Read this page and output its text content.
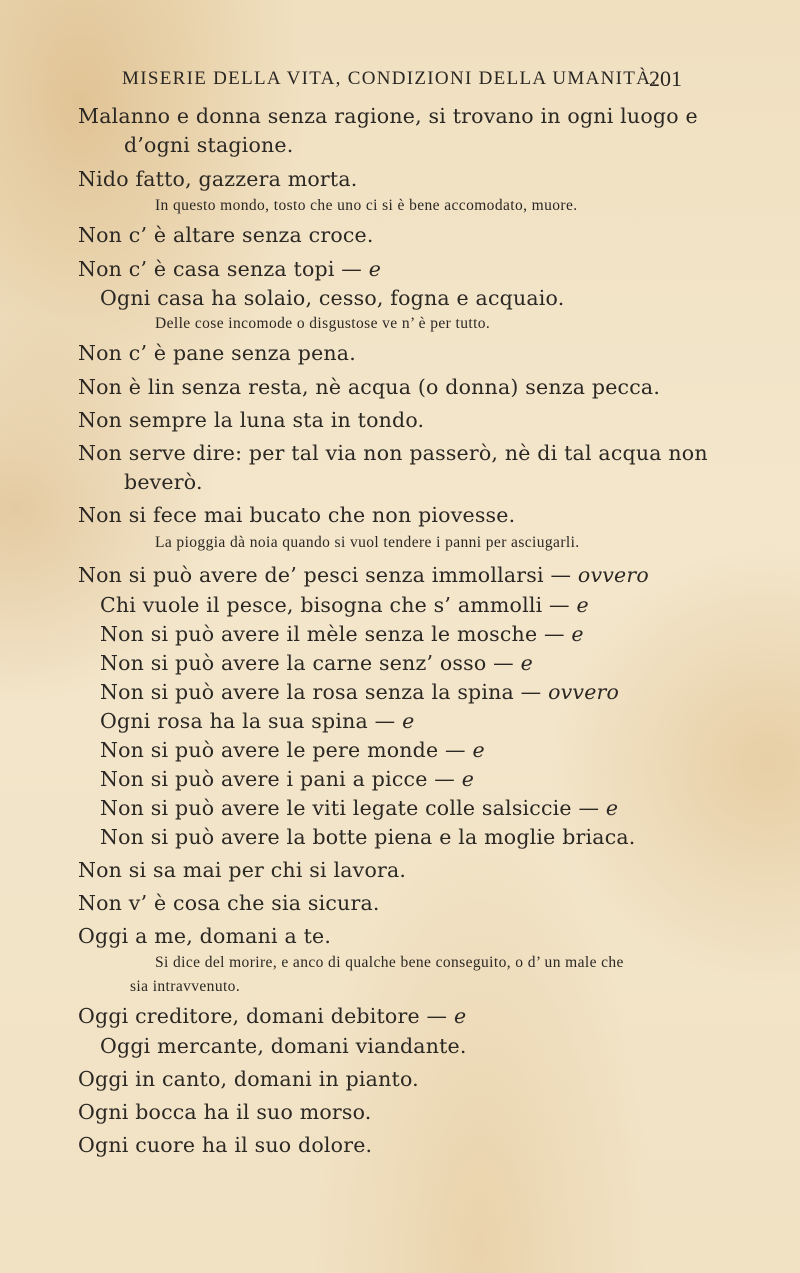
MISERIE DELLA VITA, CONDIZIONI DELLA UMANITÀ.
201
Malanno e donna senza ragione, si trovano in ogni luogo e
d’ogni stagione.
Nido fatto, gazzera morta.
In questo mondo, tosto che uno ci si è bene accomodato, muore.
Non c’ è altare senza croce.
Non c’ è casa senza topi — e
Ogni casa ha solaio, cesso, fogna e acquaio.
Delle cose incomode o disgustose ve n’ è per tutto.
Non c’ è pane senza pena.
Non è lin senza resta, nè acqua (o donna) senza pecca.
Non sempre la luna sta in tondo.
Non serve dire: per tal via non passerò, nè di tal acqua non
beverò.
Non si fece mai bucato che non piovesse.
La pioggia dà noia quando si vuol tendere i panni per asciugarli.
Non si può avere de’ pesci senza immollarsi — ovvero
Chi vuole il pesce, bisogna che s’ ammolli — e
Non si può avere il mèle senza le mosche — e
Non si può avere la carne senz’ osso — e
Non si può avere la rosa senza la spina — ovvero
Ogni rosa ha la sua spina — e
Non si può avere le pere monde — e
Non si può avere i pani a picce — e
Non si può avere le viti legate colle salsiccie — e
Non si può avere la botte piena e la moglie briaca.
Non si sa mai per chi si lavora.
Non v’ è cosa che sia sicura.
Oggi a me, domani a te.
Si dice del morire, e anco di qualche bene conseguito, o d’ un male che
sia intravvenuto.
Oggi creditore, domani debitore — e
Oggi mercante, domani viandante.
Oggi in canto, domani in pianto.
Ogni bocca ha il suo morso.
Ogni cuore ha il suo dolore.
